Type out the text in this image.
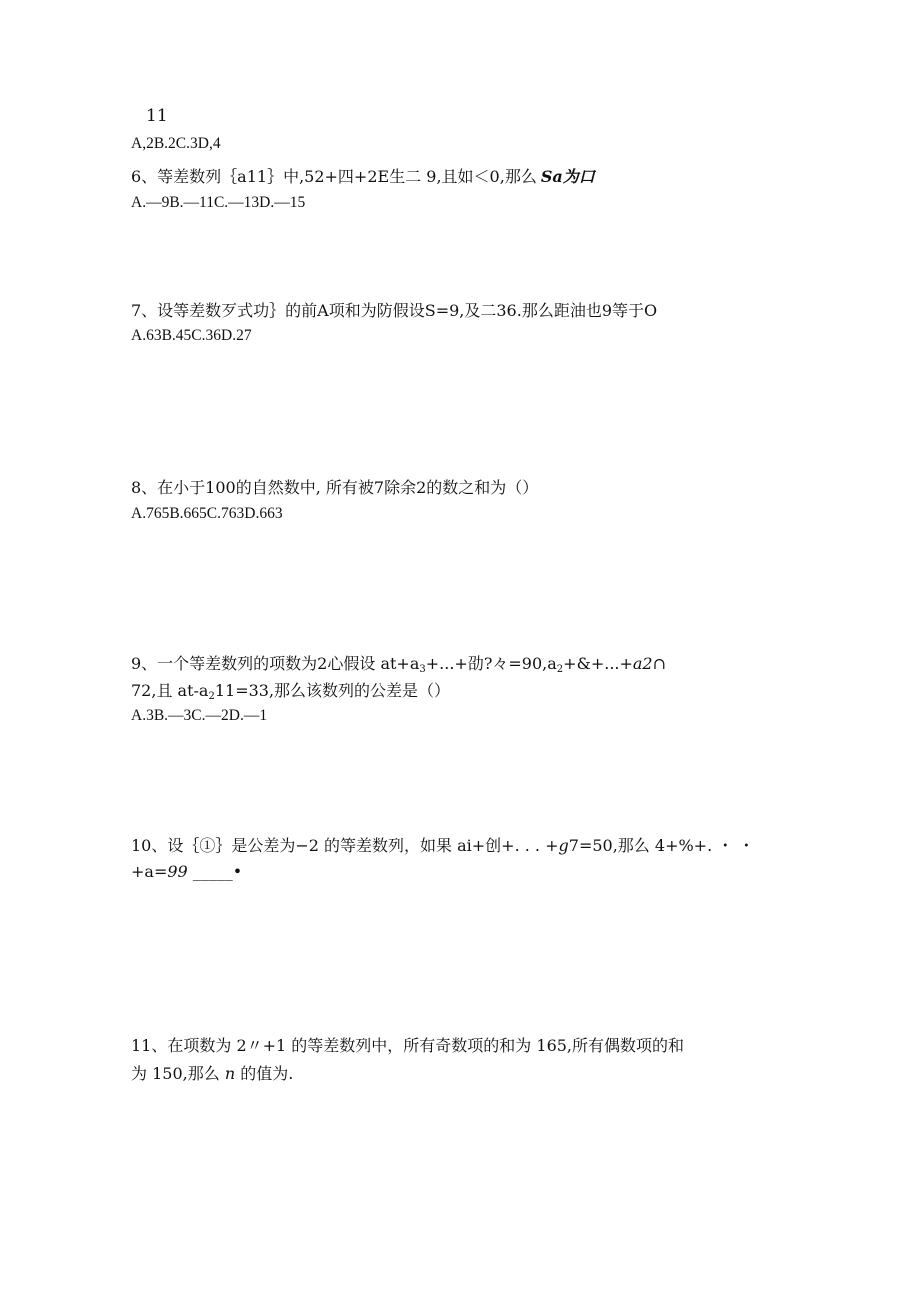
11
A,2B.2C.3D,4
6、等差数列｛a11｝中,52+四+2E生二 9,且如＜0,那么 Sa为口
A.—9B.—11C.—13D.—15
7、设等差数歹式功｝的前A项和为防假设S=9,及二36.那么距油也9等于O
A.63B.45C.36D.27
8、在小于100的自然数中, 所有被7除余2的数之和为（）
A.765B.665C.763D.663
9、一个等差数列的项数为2心假设 $at+a_3+...+$劭?々$=90,a_2+\&+...+a2\cap$
72,且 $at-a_211=33$,那么该数列的公差是（）
A.3B.—3C.—2D.—1
10、设｛①｝是公差为−2 的等差数列，如果 ai+创+. . . +g7=50,那么 4+%+. ・ ・
+a=99 _____•
11、在项数为 2〃+1 的等差数列中，所有奇数项的和为 165,所有偶数项的和
为 150,那么 n 的值为.
